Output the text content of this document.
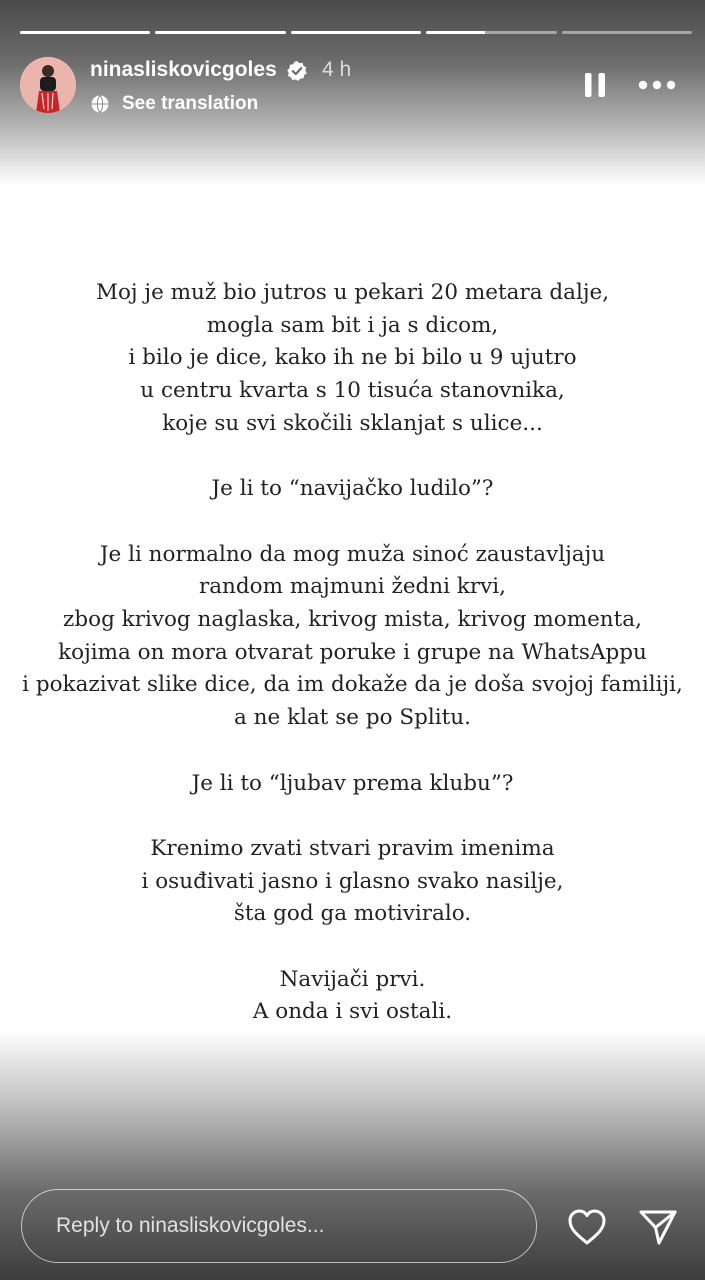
ninasliskovicgoles 4 h
See translation
Moj je muž bio jutros u pekari 20 metara dalje,
mogla sam bit i ja s dicom,
i bilo je dice, kako ih ne bi bilo u 9 ujutro
u centru kvarta s 10 tisuća stanovnika,
koje su svi skočili sklanjat s ulice...
Je li to “navijačko ludilo”?
Je li normalno da mog muža sinoć zaustavljaju
random majmuni žedni krvi,
zbog krivog naglaska, krivog mista, krivog momenta,
kojima on mora otvarat poruke i grupe na WhatsAppu
i pokazivat slike dice, da im dokaže da je doša svojoj familiji,
a ne klat se po Splitu.
Je li to “ljubav prema klubu”?
Krenimo zvati stvari pravim imenima
i osuđivati jasno i glasno svako nasilje,
šta god ga motiviralo.
Navijači prvi.
A onda i svi ostali.
Reply to ninasliskovicgoles...
